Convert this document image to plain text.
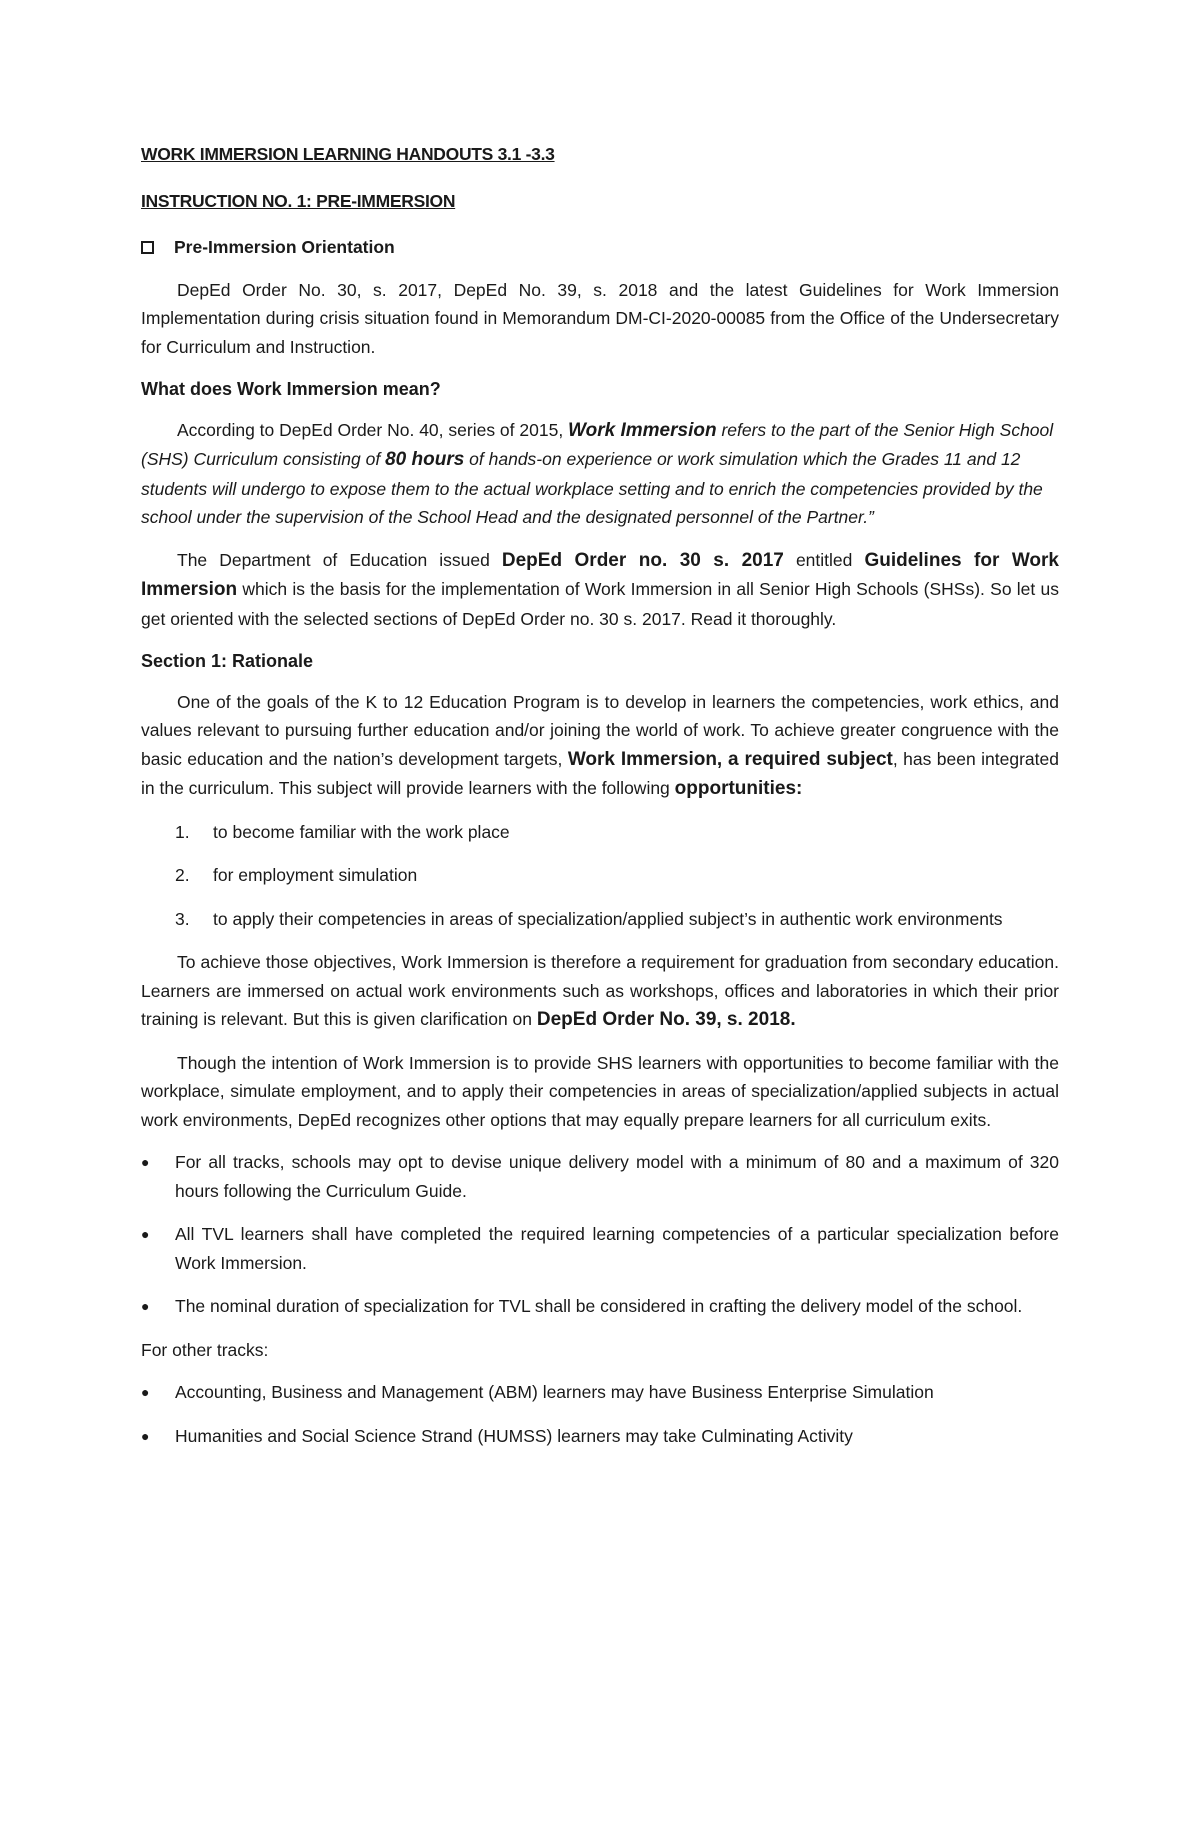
WORK IMMERSION LEARNING HANDOUTS 3.1 -3.3

INSTRUCTION NO. 1: PRE-IMMERSION

Pre-Immersion Orientation

DepEd Order No. 30, s. 2017, DepEd No. 39, s. 2018 and the latest Guidelines for Work Immersion Implementation during crisis situation found in Memorandum DM-CI-2020-00085 from the Office of the Undersecretary for Curriculum and Instruction.

What does Work Immersion mean?

According to DepEd Order No. 40, series of 2015, Work Immersion refers to the part of the Senior High School (SHS) Curriculum consisting of 80 hours of hands-on experience or work simulation which the Grades 11 and 12 students will undergo to expose them to the actual workplace setting and to enrich the competencies provided by the school under the supervision of the School Head and the designated personnel of the Partner.”

The Department of Education issued DepEd Order no. 30 s. 2017 entitled Guidelines for Work Immersion which is the basis for the implementation of Work Immersion in all Senior High Schools (SHSs). So let us get oriented with the selected sections of DepEd Order no. 30 s. 2017. Read it thoroughly.

Section 1: Rationale

One of the goals of the K to 12 Education Program is to develop in learners the competencies, work ethics, and values relevant to pursuing further education and/or joining the world of work. To achieve greater congruence with the basic education and the nation’s development targets, Work Immersion, a required subject, has been integrated in the curriculum. This subject will provide learners with the following opportunities:

1.	to become familiar with the work place
2.	for employment simulation
3.	to apply their competencies in areas of specialization/applied subject’s in authentic work environments

To achieve those objectives, Work Immersion is therefore a requirement for graduation from secondary education. Learners are immersed on actual work environments such as workshops, offices and laboratories in which their prior training is relevant. But this is given clarification on DepEd Order No. 39, s. 2018.

Though the intention of Work Immersion is to provide SHS learners with opportunities to become familiar with the workplace, simulate employment, and to apply their competencies in areas of specialization/applied subjects in actual work environments, DepEd recognizes other options that may equally prepare learners for all curriculum exits.

●	For all tracks, schools may opt to devise unique delivery model with a minimum of 80 and a maximum of 320 hours following the Curriculum Guide.
●	All TVL learners shall have completed the required learning competencies of a particular specialization before Work Immersion.
●	The nominal duration of specialization for TVL shall be considered in crafting the delivery model of the school.

For other tracks:

●	Accounting, Business and Management (ABM) learners may have Business Enterprise Simulation
●	Humanities and Social Science Strand (HUMSS) learners may take Culminating Activity
